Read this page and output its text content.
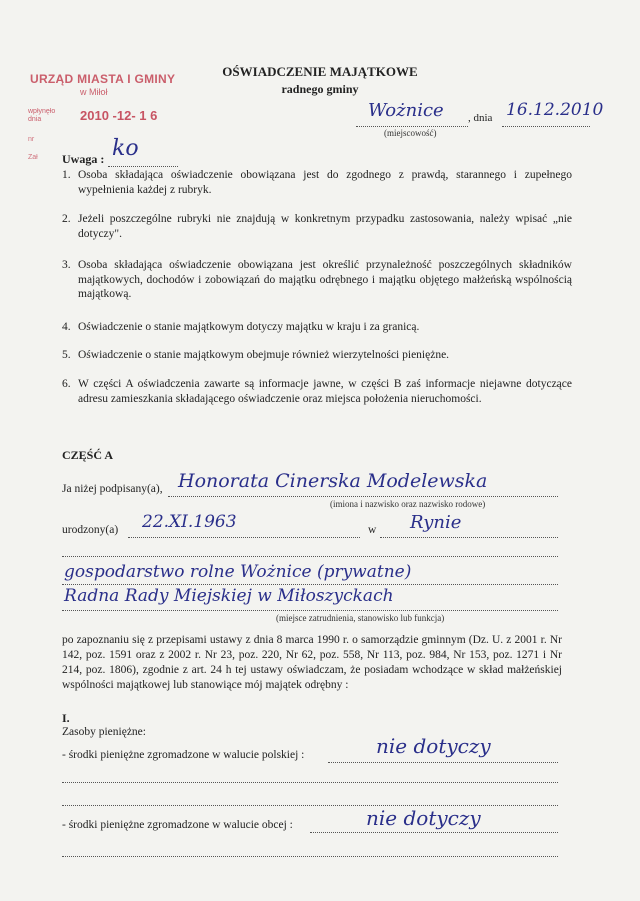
URZĄD MIASTA I GMINY
w Miłoł
wpłynęło dnia	2010 -12- 1 6
nr
Zał
OŚWIADCZENIE MAJĄTKOWE
radnego gminy
Wożnice , dnia 16.12.2010
(miejscowość)
Uwaga : ko
1. Osoba składająca oświadczenie obowiązana jest do zgodnego z prawdą, starannego i zupełnego wypełnienia każdej z rubryk.
2. Jeżeli poszczególne rubryki nie znajdują w konkretnym przypadku zastosowania, należy wpisać „nie dotyczy".
3. Osoba składająca oświadczenie obowiązana jest określić przynależność poszczególnych składników majątkowych, dochodów i zobowiązań do majątku odrębnego i majątku objętego małżeńską wspólnością majątkową.
4. Oświadczenie o stanie majątkowym dotyczy majątku w kraju i za granicą.
5. Oświadczenie o stanie majątkowym obejmuje również wierzytelności pieniężne.
6. W części A oświadczenia zawarte są informacje jawne, w części B zaś informacje niejawne dotyczące adresu zamieszkania składającego oświadczenie oraz miejsca położenia nieruchomości.
CZĘŚĆ A
Ja niżej podpisany(a), Honorata Cinerska Modelewska
(imiona i nazwisko oraz nazwisko rodowe)
urodzony(a) 22.XI.1963	w Rynie
gospodarstwo rolne Wożnice (prywatne)
Radna Rady Miejskiej w Miłoszyckach
(miejsce zatrudnienia, stanowisko lub funkcja)
po zapoznaniu się z przepisami ustawy z dnia 8 marca 1990 r. o samorządzie gminnym (Dz. U. z 2001 r. Nr 142, poz. 1591 oraz z 2002 r. Nr 23, poz. 220, Nr 62, poz. 558, Nr 113, poz. 984, Nr 153, poz. 1271 i Nr 214, poz. 1806), zgodnie z art. 24 h tej ustawy oświadczam, że posiadam wchodzące w skład małżeńskiej wspólności majątkowej lub stanowiące mój majątek odrębny :
I.
Zasoby pieniężne:
- środki pieniężne zgromadzone w walucie polskiej :	nie dotyczy
- środki pieniężne zgromadzone w walucie obcej :	nie dotyczy
